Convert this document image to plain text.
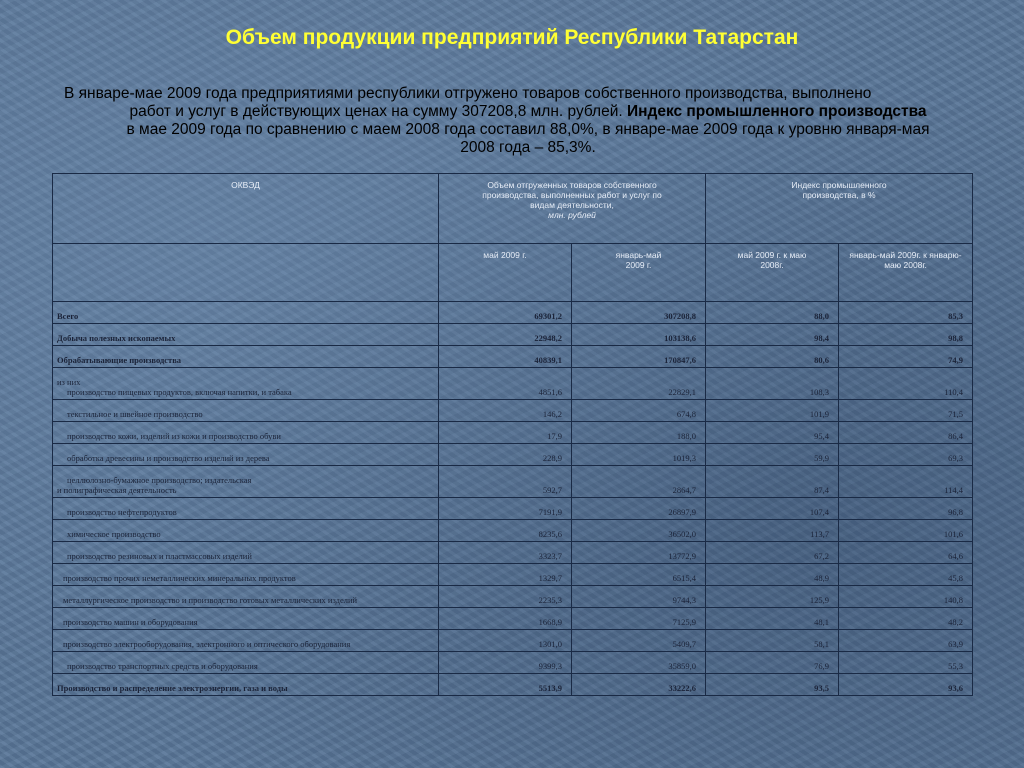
Объем продукции предприятий Республики Татарстан
В январе-мае 2009 года предприятиями республики отгружено товаров собственного производства, выполнено
работ и услуг в действующих ценах на сумму 307208,8 млн. рублей. Индекс промышленного производства
в мае 2009 года по сравнению с маем 2008 года составил 88,0%, в январе-мае 2009 года к уровню января-мая
2008 года – 85,3%.
ОКВЭД	Объем отгруженных товаров собственного производства, выполненных работ и услуг по видам деятельности,
млн. рублей		Индекс промышленного производства, в %	
	май 2009 г.	январь-май 2009 г.	май 2009 г. к маю 2008г.	январь-май 2009г. к январю-маю 2008г.

Всего	69301,2	307208,8	88,0	85,3

Добыча полезных ископаемых	22948,2	103138,6	98,4	98,8

Обрабатывающие производства	40839,1	170847,6	80,6	74,9

из них
производство пищевых продуктов, включая напитки, и табака	4851,6	22829,1	108,3	110,4

текстильное и швейное производство	146,2	674,8	101,9	71,5

производство кожи, изделий из кожи и производство обуви	17,9	188,0	95,4	86,4

обработка древесины и производство изделий из дерева	228,9	1019,3	59,9	69,3

целлюлозно-бумажное производство; издательская
и полиграфическая деятельность	592,7	2864,7	87,4	114,4

производство нефтепродуктов	7191,9	26897,9	107,4	96,8

химическое производство	8235,6	36502,0	113,7	101,6

производство резиновых и пластмассовых изделий	3323,7	13772,9	67,2	64,6

производство прочих неметаллических минеральных продуктов	1329,7	6515,4	48,9	45,8

металлургическое производство и производство готовых металлических изделий	2235,3	9744,3	125,9	140,8

производство машин и оборудования	1668,9	7125,9	48,1	48,2

производство электрооборудования, электронного и оптического оборудования	1301,0	5409,7	58,1	63,9

производство транспортных средств и оборудования	9399,3	35859,0	76,9	55,3

Производство и распределение электроэнергии, газа и воды	5513,9	33222,6	93,5	93,6
